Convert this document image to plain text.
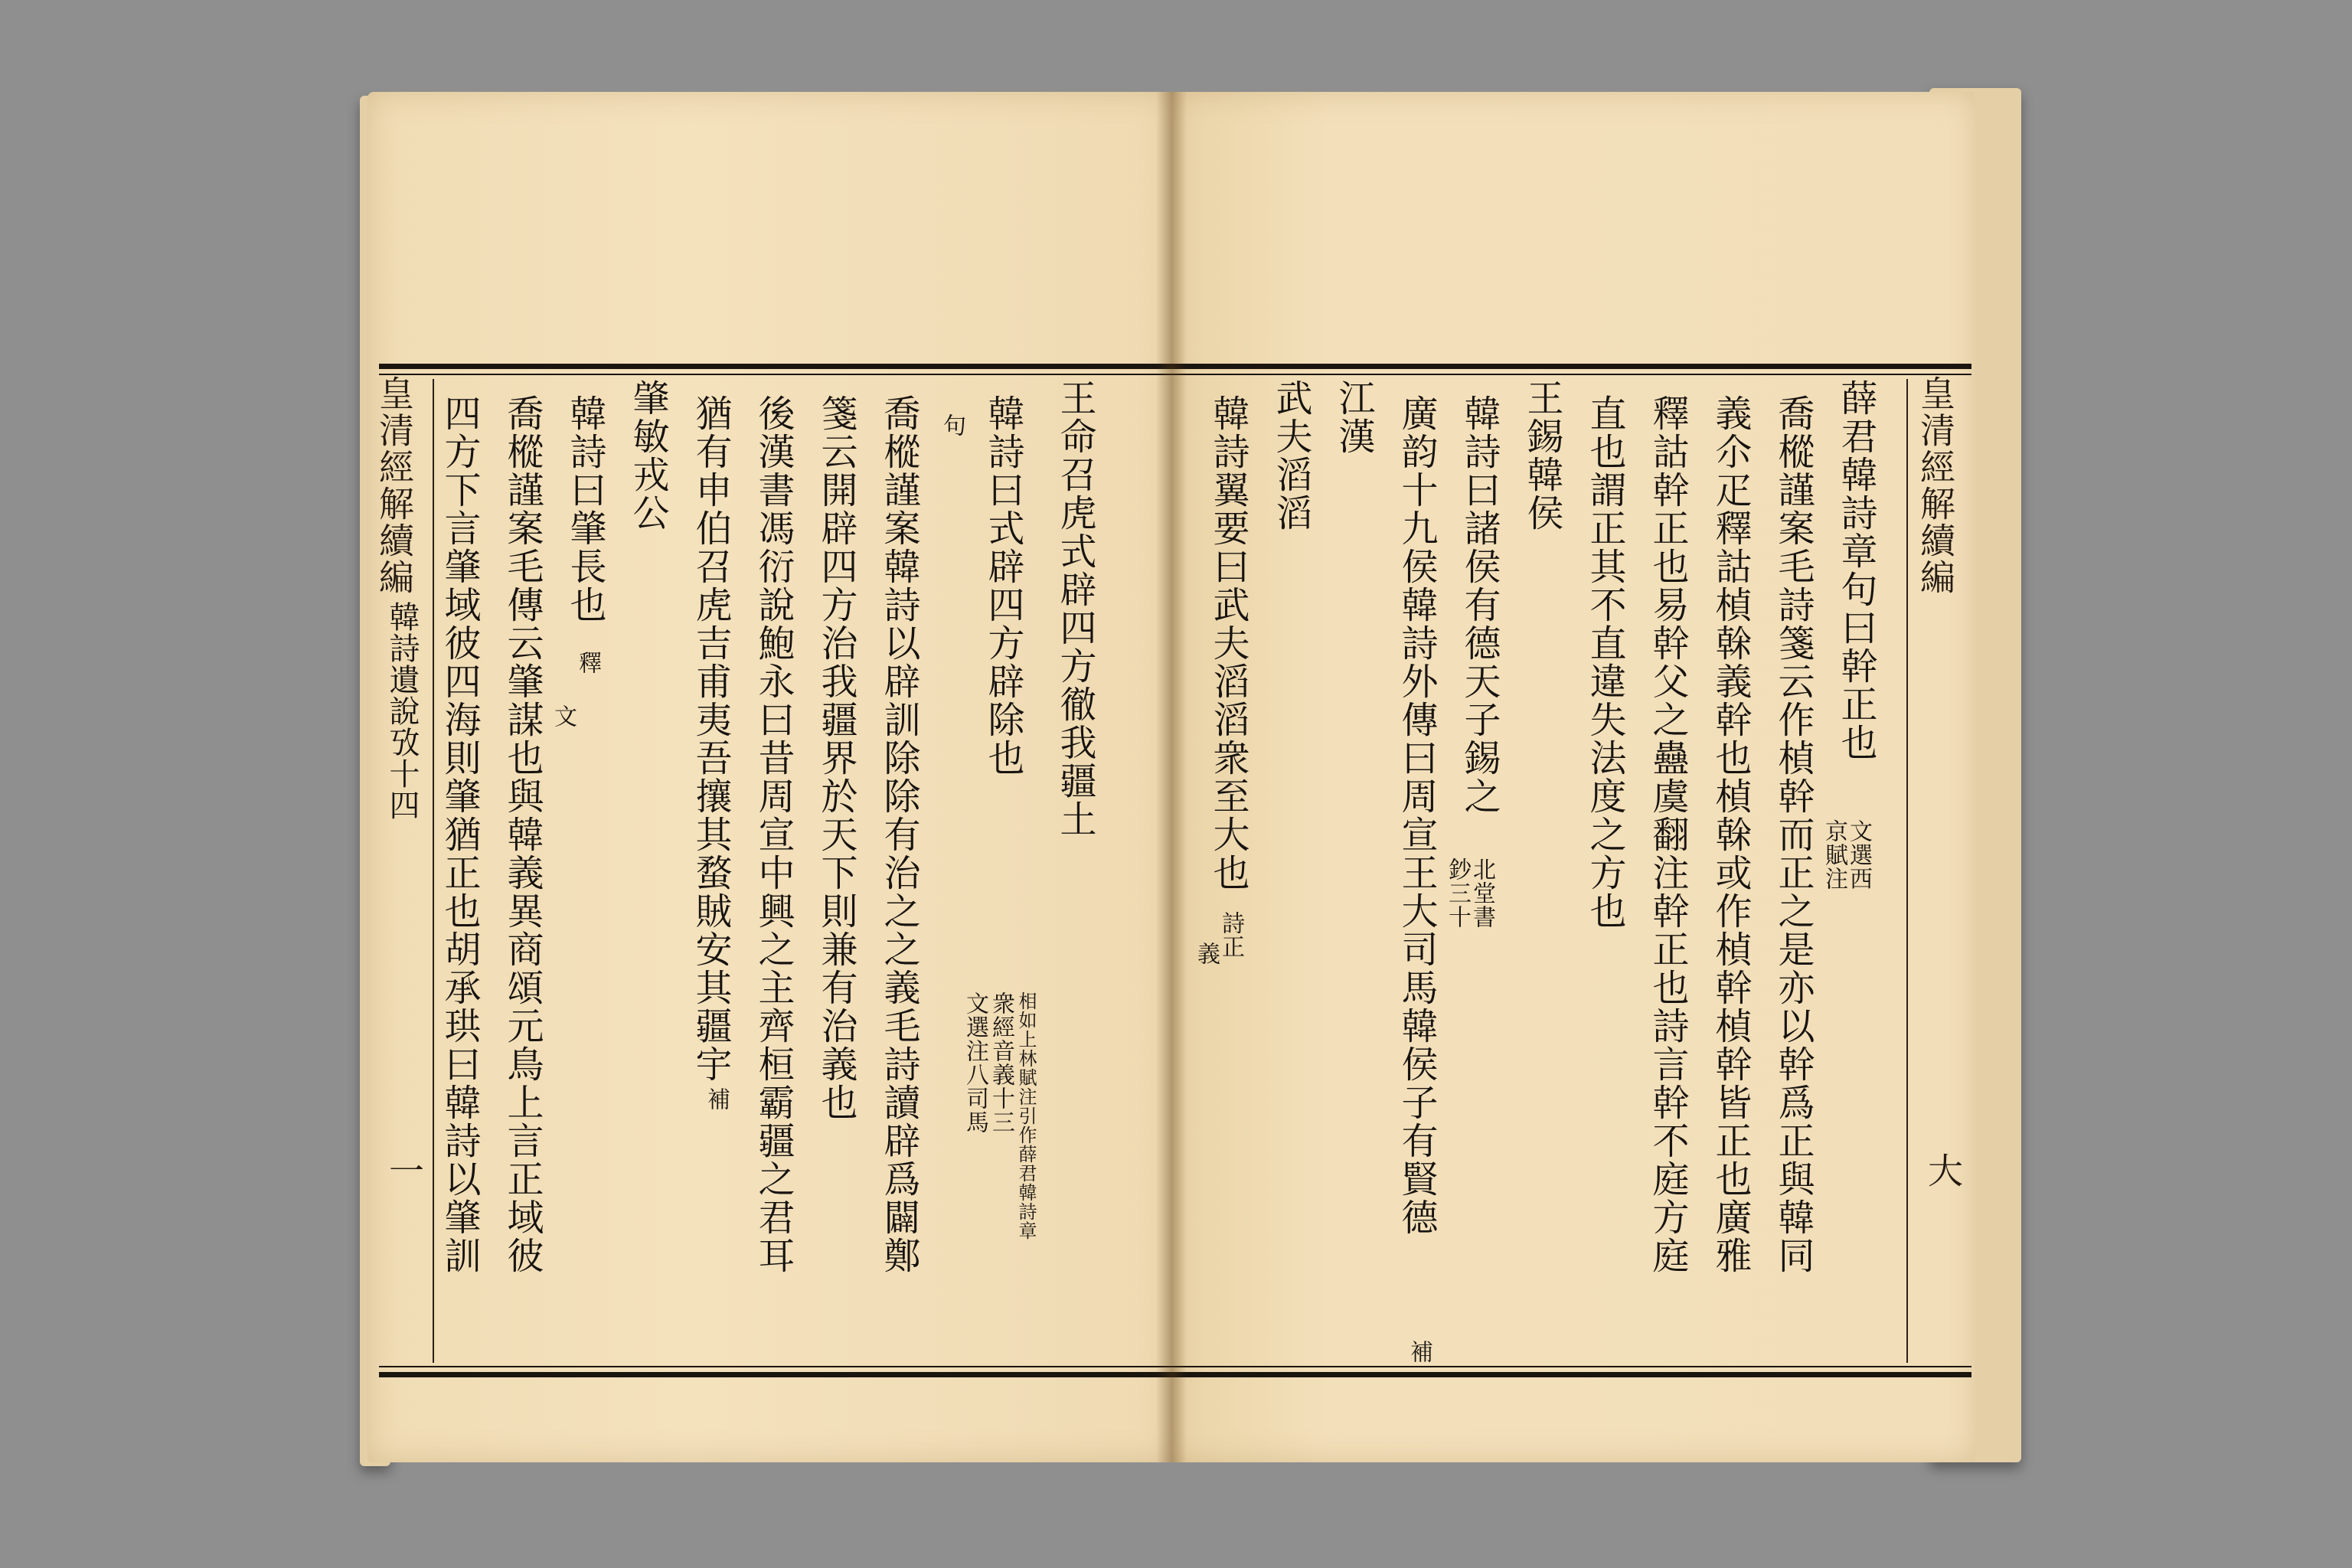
皇清經解續編
韓詩遺說攷十四
一 四方下言肇域彼四海則肇猶正也胡承珙曰韓詩以肇訓 喬樅謹案毛傳云肇謀也與韓義異商頌元鳥上言正域彼 韓詩曰肇長也
釋
文
肇敏戎公 猶有申伯召虎吉甫夷吾攘其蝥賊安其疆宇
補 後漢書馮衍說鮑永曰昔周宣中興之主齊桓霸疆之君耳 箋云開辟四方治我疆界於天下則兼有治義也 喬樅謹案韓詩以辟訓除除有治之之義毛詩讀辟爲闢鄭 句 韓詩曰式辟四方辟除也
衆經音義十三
文選注八司馬 相如上林賦注引作薛君韓詩章
王命召虎式辟四方徹我疆土	皇清經解續編
大
韓詩翼要曰武夫滔滔衆至大也
詩正
義
武夫滔滔 江漢 廣韵十九侯韓詩外傳曰周宣王大司馬韓侯子有賢德
補
韓詩曰諸侯有德天子錫之
北堂書
鈔三十
王錫韓侯 直也謂正其不直違失法度之方也 釋詁幹正也易幹父之蠱虞翻注幹正也詩言幹不庭方庭 義尒疋釋詁楨榦義幹也楨榦或作楨幹楨幹皆正也廣雅 喬樅謹案毛詩箋云作楨幹而正之是亦以幹爲正與韓同 薛君韓詩章句曰幹正也
文選西
京賦注
